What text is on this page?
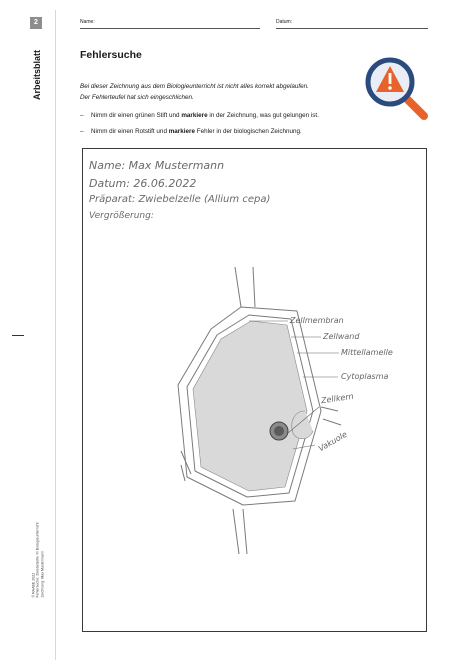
2
Arbeitsblatt
© RAABE 2022 Fehlersuche: Zwiebelzelle im Biologieunterricht Zeichnung: Max Mustermann
Name:	Datum:
Fehlersuche
Bei dieser Zeichnung aus dem Biologieunterricht ist nicht alles korrekt abgelaufen.
Der Fehlerteufel hat sich eingeschlichen.
–	Nimm dir einen grünen Stift und markiere in der Zeichnung, was gut gelungen ist.
–	Nimm dir einen Rotstift und markiere Fehler in der biologischen Zeichnung.
Name: Max Mustermann
Datum: 26.06.2022
Präparat: Zwiebelzelle (Allium cepa)
Vergrößerung:
Zellmembran
Zellwand
Mittellamelle
Cytoplasma
Zellkern
Vakuole
